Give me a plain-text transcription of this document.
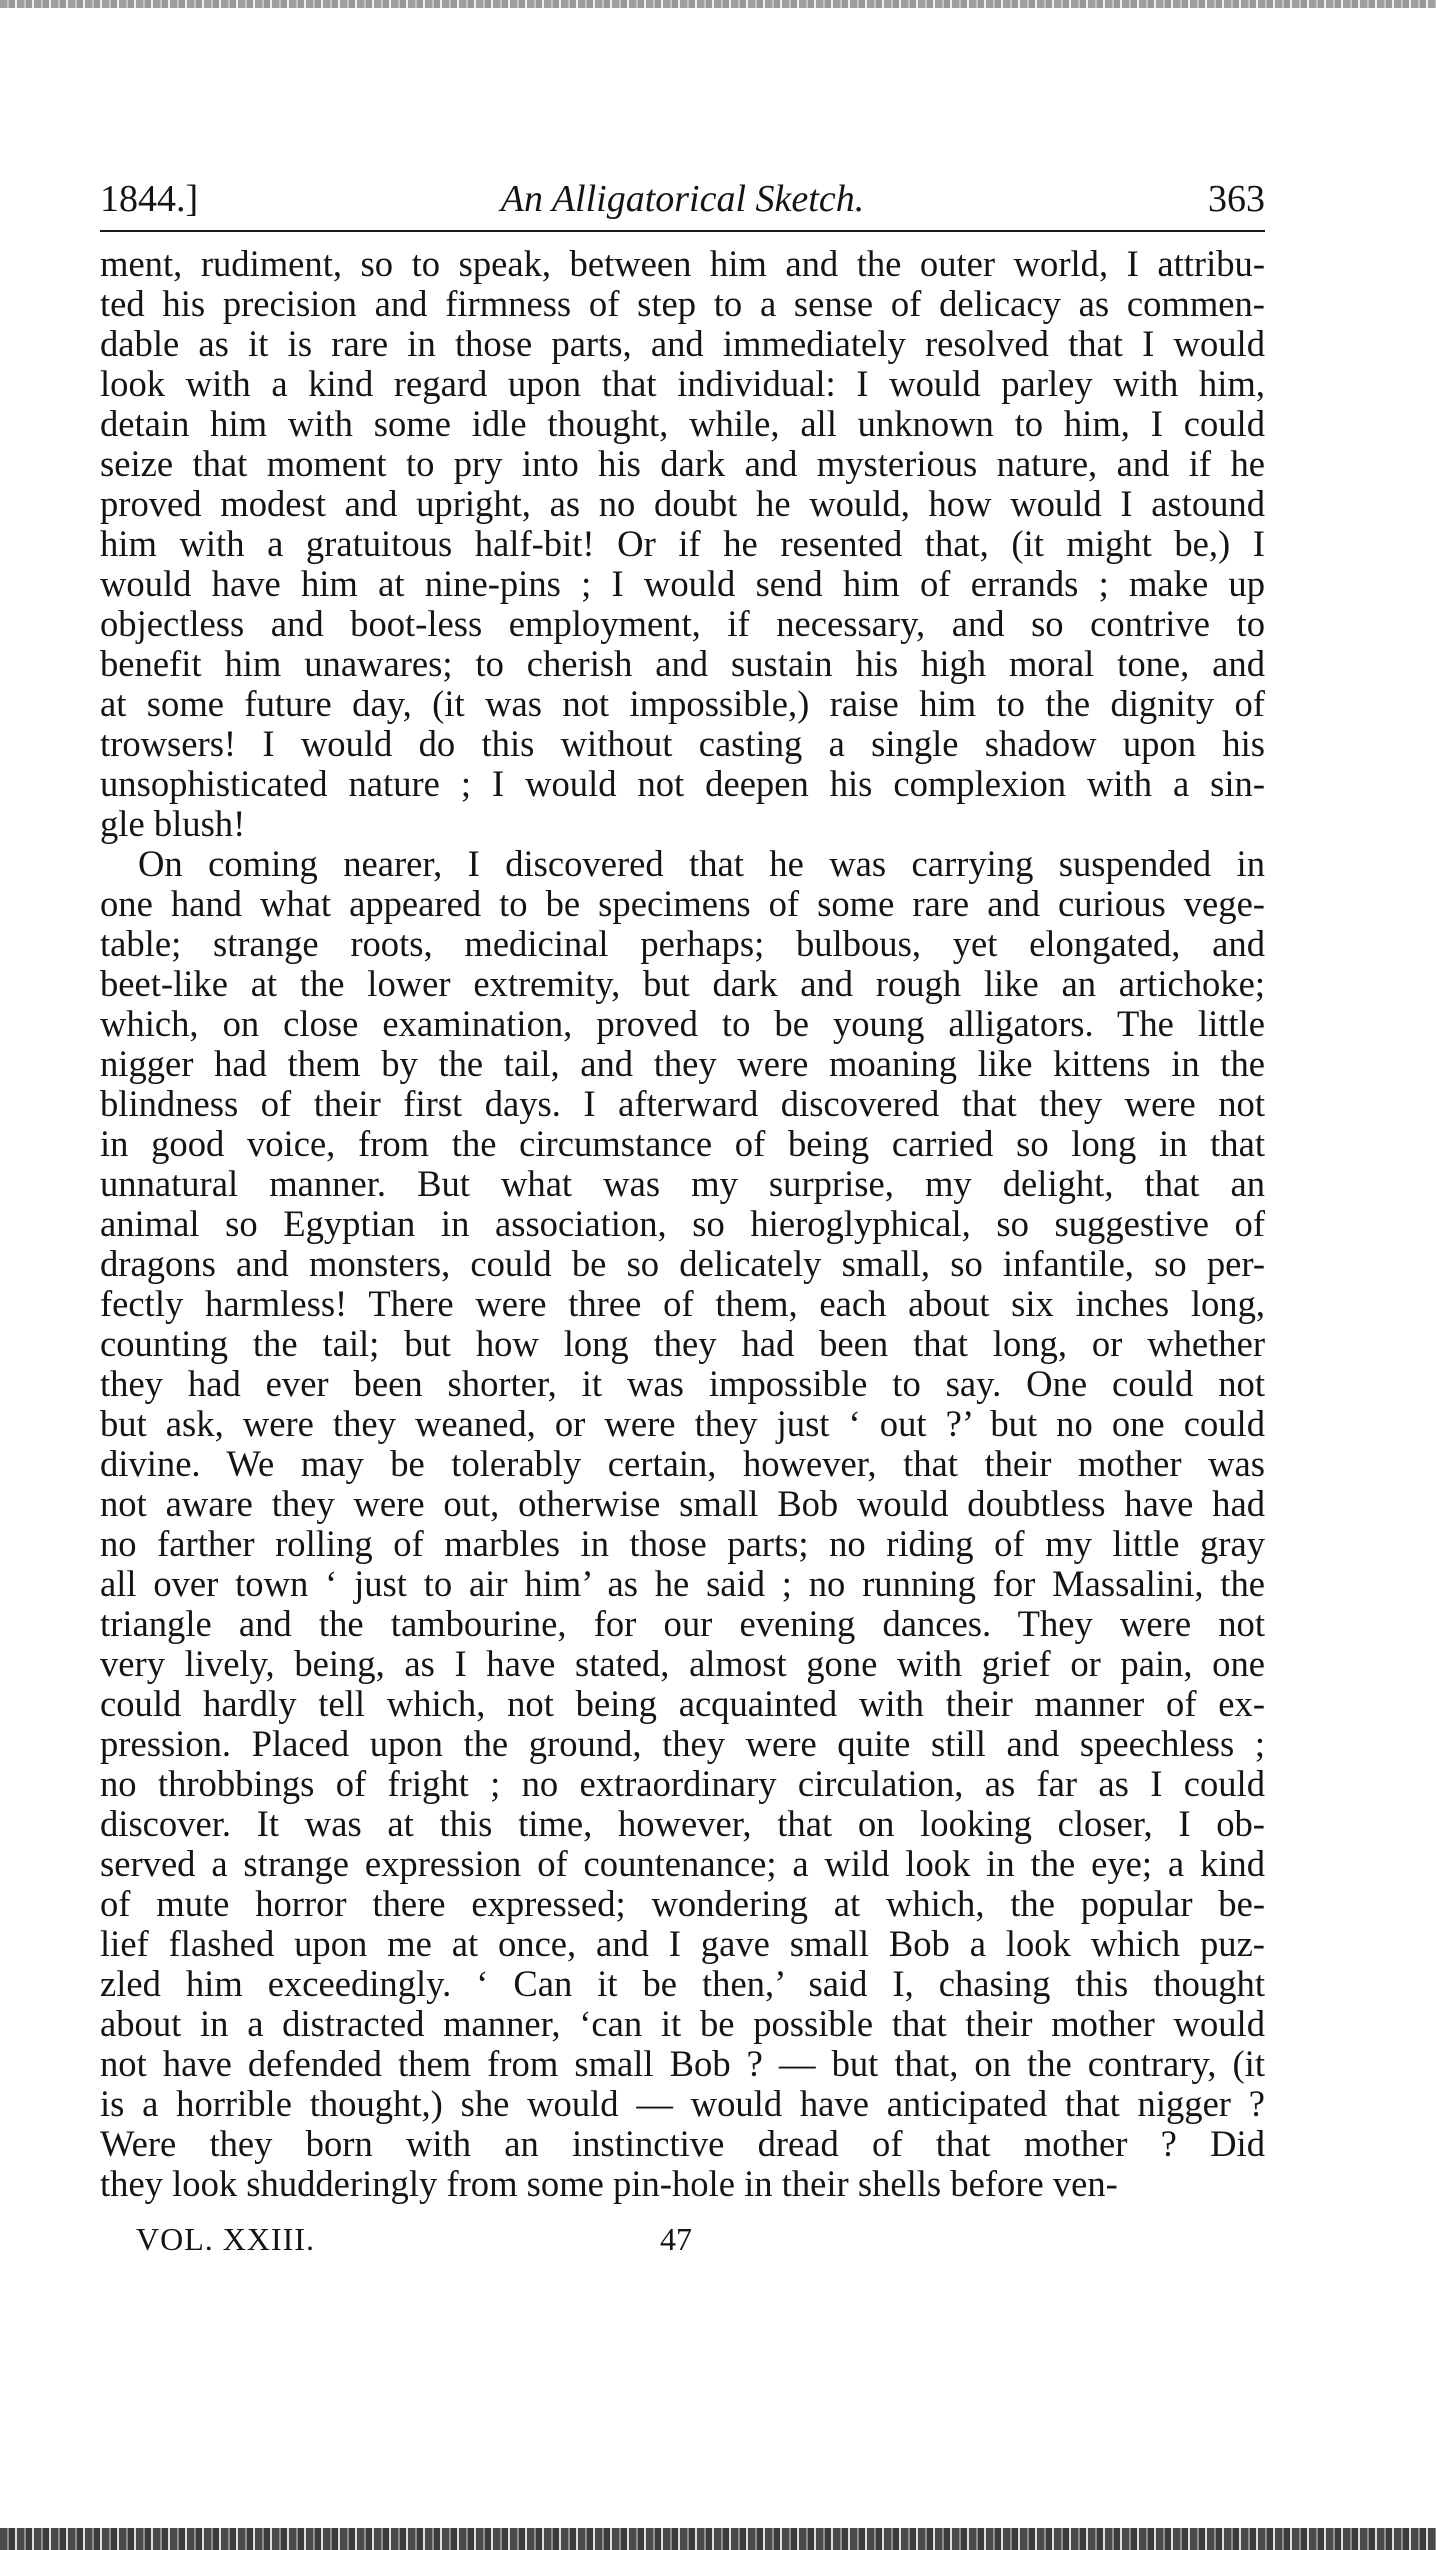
1844.]	An Alligatorical Sketch.	363
ment, rudiment, so to speak, between him and the outer world, I attribu-
ted his precision and firmness of step to a sense of delicacy as commen-
dable as it is rare in those parts, and immediately resolved that I would
look with a kind regard upon that individual: I would parley with him,
detain him with some idle thought, while, all unknown to him, I could
seize that moment to pry into his dark and mysterious nature, and if he
proved modest and upright, as no doubt he would, how would I astound
him with a gratuitous half-bit! Or if he resented that, (it might be,) I
would have him at nine-pins ; I would send him of errands ; make up
objectless and boot-less employment, if necessary, and so contrive to
benefit him unawares; to cherish and sustain his high moral tone, and
at some future day, (it was not impossible,) raise him to the dignity of
trowsers! I would do this without casting a single shadow upon his
unsophisticated nature ; I would not deepen his complexion with a sin-
gle blush!
On coming nearer, I discovered that he was carrying suspended in
one hand what appeared to be specimens of some rare and curious vege-
table; strange roots, medicinal perhaps; bulbous, yet elongated, and
beet-like at the lower extremity, but dark and rough like an artichoke;
which, on close examination, proved to be young alligators. The little
nigger had them by the tail, and they were moaning like kittens in the
blindness of their first days. I afterward discovered that they were not
in good voice, from the circumstance of being carried so long in that
unnatural manner. But what was my surprise, my delight, that an
animal so Egyptian in association, so hieroglyphical, so suggestive of
dragons and monsters, could be so delicately small, so infantile, so per-
fectly harmless! There were three of them, each about six inches long,
counting the tail; but how long they had been that long, or whether
they had ever been shorter, it was impossible to say. One could not
but ask, were they weaned, or were they just ‘ out ?’ but no one could
divine. We may be tolerably certain, however, that their mother was
not aware they were out, otherwise small Bob would doubtless have had
no farther rolling of marbles in those parts; no riding of my little gray
all over town ‘ just to air him’ as he said ; no running for Massalini, the
triangle and the tambourine, for our evening dances. They were not
very lively, being, as I have stated, almost gone with grief or pain, one
could hardly tell which, not being acquainted with their manner of ex-
pression. Placed upon the ground, they were quite still and speechless ;
no throbbings of fright ; no extraordinary circulation, as far as I could
discover. It was at this time, however, that on looking closer, I ob-
served a strange expression of countenance; a wild look in the eye; a kind
of mute horror there expressed; wondering at which, the popular be-
lief flashed upon me at once, and I gave small Bob a look which puz-
zled him exceedingly. ‘ Can it be then,’ said I, chasing this thought
about in a distracted manner, ‘can it be possible that their mother would
not have defended them from small Bob ? — but that, on the contrary, (it
is a horrible thought,) she would — would have anticipated that nigger ?
Were they born with an instinctive dread of that mother ? Did
they look shudderingly from some pin-hole in their shells before ven-
VOL. XXIII.	47
